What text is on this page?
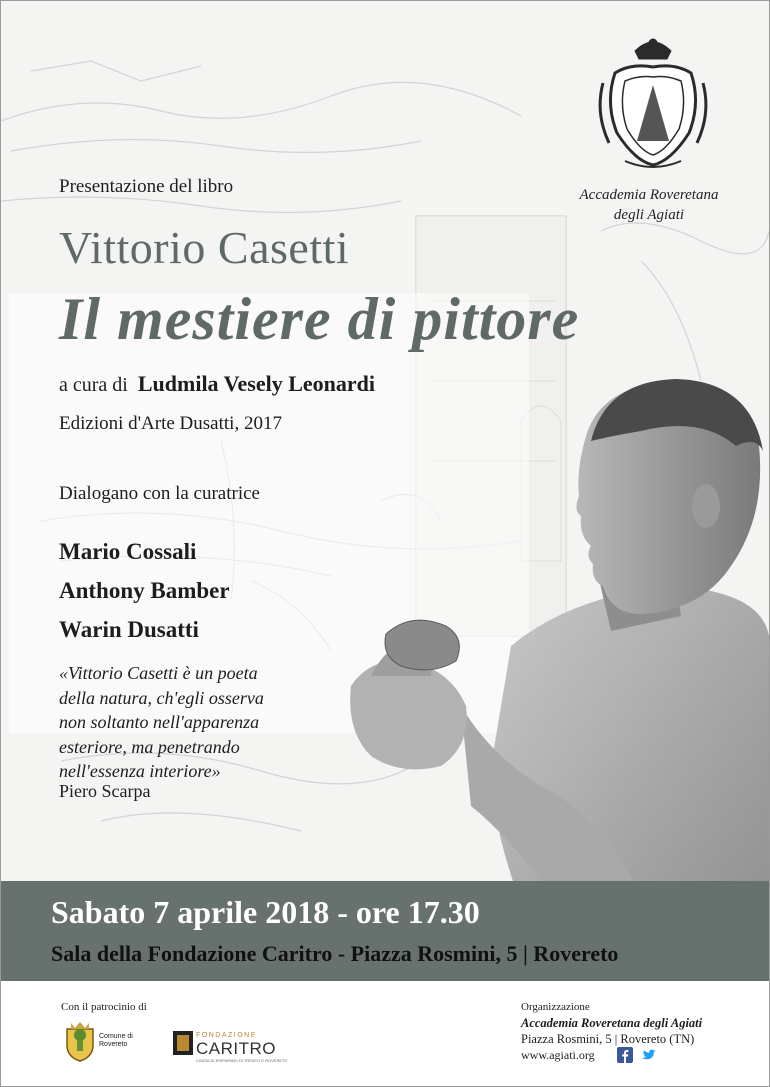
Presentazione del libro
Vittorio Casetti
Il mestiere di pittore
a cura di Ludmila Vesely Leonardi
Edizioni d'Arte Dusatti, 2017
Dialogano con la curatrice
Mario Cossali
Anthony Bamber
Warin Dusatti
«Vittorio Casetti è un poeta
della natura, ch'egli osserva
non soltanto nell'apparenza
esteriore, ma penetrando
nell'essenza interiore»
Piero Scarpa
Accademia Roveretana
degli Agiati
Sabato 7 aprile 2018 - ore 17.30
Sala della Fondazione Caritro - Piazza Rosmini, 5 | Rovereto
Con il patrocinio di
Comune di Rovereto
FONDAZIONE
CARITRO
CASSA DI RISPARMIO DI TRENTO E ROVERETO
Organizzazione
Accademia Roveretana degli Agiati
Piazza Rosmini, 5 | Rovereto (TN)
www.agiati.org
